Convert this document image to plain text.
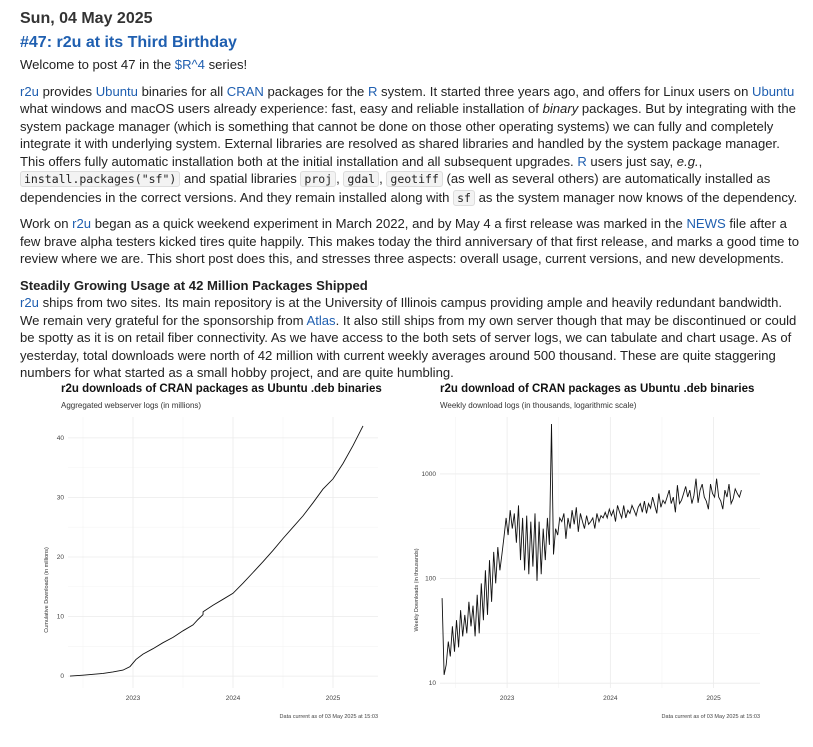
Sun, 04 May 2025
#47: r2u at its Third Birthday

Welcome to post 47 in the $R^4 series!

r2u provides Ubuntu binaries for all CRAN packages for the R system. It started three years ago, and offers for Linux users on Ubuntu what windows and macOS users already experience: fast, easy and reliable installation of binary packages. But by integrating with the system package manager (which is something that cannot be done on those other operating systems) we can fully and completely integrate it with underlying system. External libraries are resolved as shared libraries and handled by the system package manager. This offers fully automatic installation both at the initial installation and all subsequent upgrades. R users just say, e.g., install.packages("sf") and spatial libraries proj , gdal , geotiff (as well as several others) are automatically installed as dependencies in the correct versions. And they remain installed along with sf as the system manager now knows of the dependency.

Work on r2u began as a quick weekend experiment in March 2022, and by May 4 a first release was marked in the NEWS file after a few brave alpha testers kicked tires quite happily. This makes today the third anniversary of that first release, and marks a good time to review where we are. This short post does this, and stresses three aspects: overall usage, current versions, and new developments.

Steadily Growing Usage at 42 Million Packages Shipped

r2u ships from two sites. Its main repository is at the University of Illinois campus providing ample and heavily redundant bandwidth. We remain very grateful for the sponsorship from Atlas. It also still ships from my own server though that may be discontinued or could be spotty as it is on retail fiber connectivity. As we have access to the both sets of server logs, we can tabulate and chart usage. As of yesterday, total downloads were north of 42 million with current weekly averages around 500 thousand. These are quite staggering numbers for what started as a small hobby project, and are quite humbling.

r2u downloads of CRAN packages as Ubuntu .deb binaries
Aggregated webserver logs (in millions)
Cumulative Downloads (in millions)
Data current as of 03 May 2025 at 15:03
0
10
20
30
40
2023	2024	2025
r2u download of CRAN packages as Ubuntu .deb binaries
Weekly download logs (in thousands, logarithmic scale)
Weekly Downloads (in thousands)
Data current as of 03 May 2025 at 15:03
10
100
1000
2023	2024	2025
